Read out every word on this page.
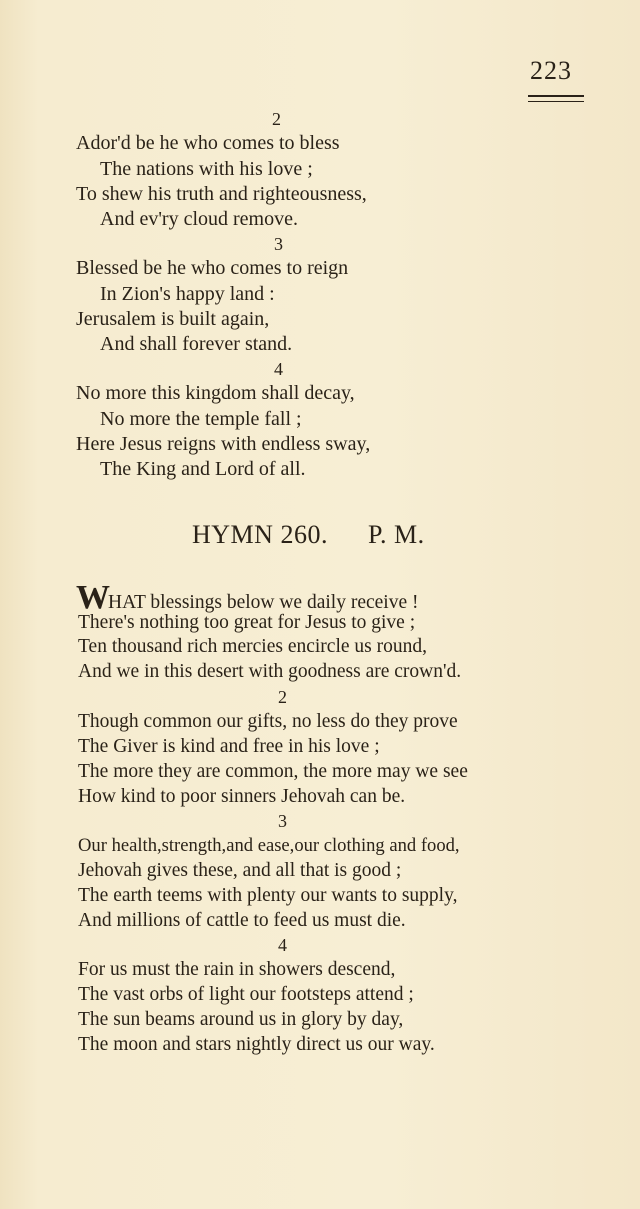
223
2
Ador'd be he who comes to bless
The nations with his love ;
To shew his truth and righteousness,
And ev'ry cloud remove.
3
Blessed be he who comes to reign
In Zion's happy land :
Jerusalem is built again,
And shall forever stand.
4
No more this kingdom shall decay,
No more the temple fall ;
Here Jesus reigns with endless sway,
The King and Lord of all.
HYMN 260. P. M.
WHAT blessings below we daily receive !
There's nothing too great for Jesus to give ;
Ten thousand rich mercies encircle us round,
And we in this desert with goodness are crown'd.
2
Though common our gifts, no less do they prove
The Giver is kind and free in his love ;
The more they are common, the more may we see
How kind to poor sinners Jehovah can be.
3
Our health,strength,and ease,our clothing and food,
Jehovah gives these, and all that is good ;
The earth teems with plenty our wants to supply,
And millions of cattle to feed us must die.
4
For us must the rain in showers descend,
The vast orbs of light our footsteps attend ;
The sun beams around us in glory by day,
The moon and stars nightly direct us our way.
